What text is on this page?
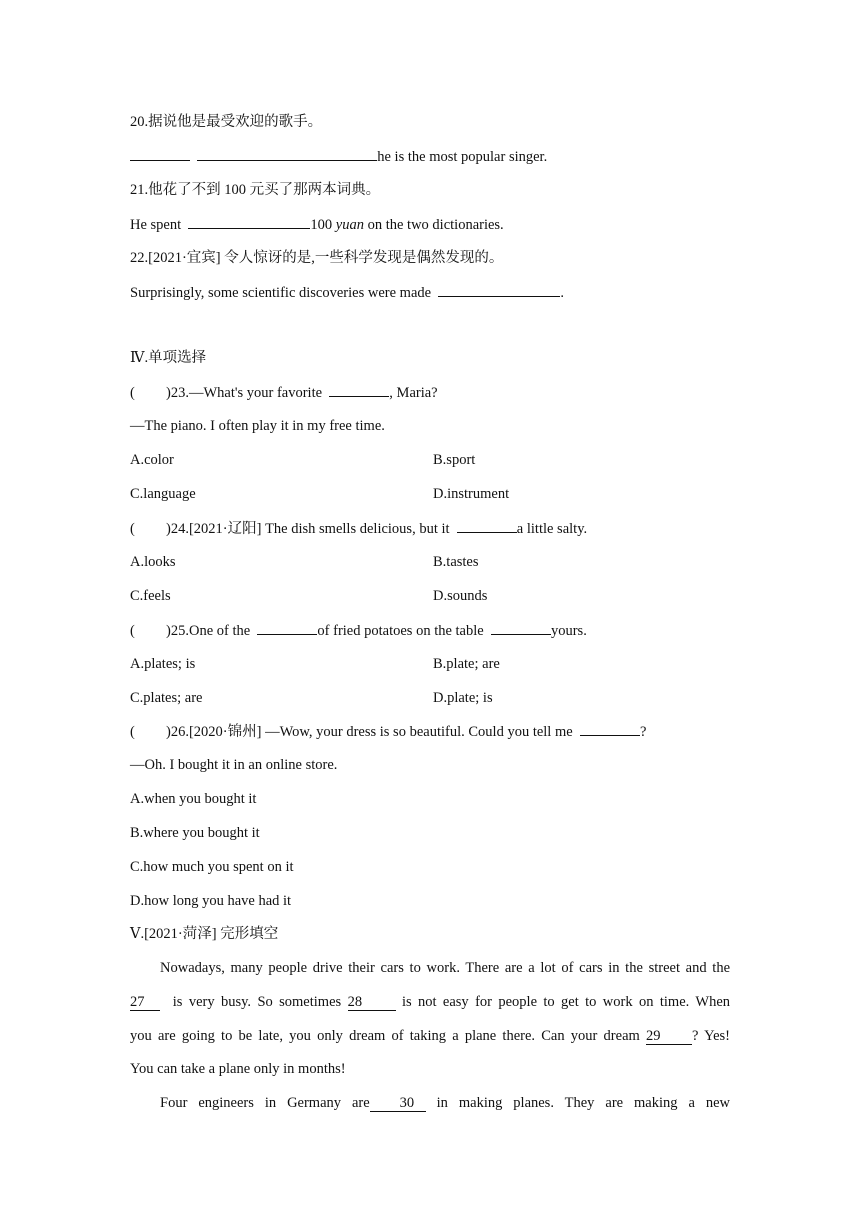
20.据说他是最受欢迎的歌手。
he is the most popular singer.
21.他花了不到 100 元买了那两本词典。
He spent	100 yuan on the two dictionaries.
22.[2021·宜宾] 令人惊讶的是,一些科学发现是偶然发现的。
Surprisingly, some scientific discoveries were made	.
Ⅳ.单项选择
( )23.—What's your favorite	, Maria?
—The piano. I often play it in my free time.
A.color	B.sport
C.language	D.instrument
( )24.[2021·辽阳] The dish smells delicious, but it	a little salty.
A.looks	B.tastes
C.feels	D.sounds
( )25.One of the	of fried potatoes on the table	yours.
A.plates; is	B.plate; are
C.plates; are	D.plate; is
( )26.[2020·锦州] —Wow, your dress is so beautiful. Could you tell me	?
—Oh. I bought it in an online store.
A.when you bought it
B.where you bought it
C.how much you spent on it
D.how long you have had it
Ⅴ.[2021·菏泽] 完形填空
Nowadays, many people drive their cars to work. There are a lot of cars in the street and the
27 is very busy. So sometimes 28	is not easy for people to get to work on time. When
you are going to be late, you only dream of taking a plane there. Can your dream 29 ? Yes!
You can take a plane only in months!
Four engineers in Germany are 30 in making planes. They are making a new
